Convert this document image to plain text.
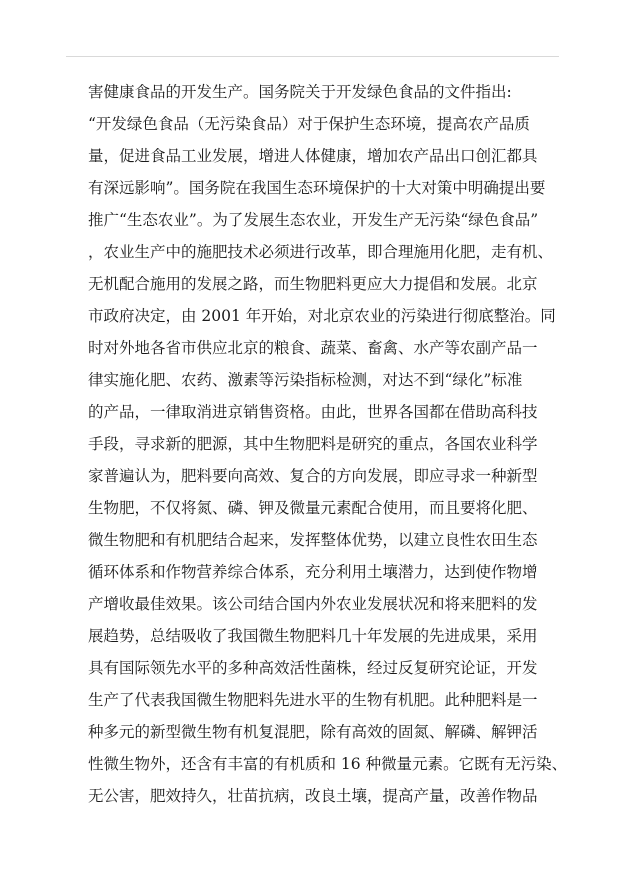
害健康食品的开发生产。国务院关于开发绿色食品的文件指出:
“开发绿色食品（无污染食品）对于保护生态环境，提高农产品质
量，促进食品工业发展，增进人体健康，增加农产品出口创汇都具
有深远影响”。国务院在我国生态环境保护的十大对策中明确提出要
推广“生态农业”。为了发展生态农业，开发生产无污染“绿色食品”
，农业生产中的施肥技术必须进行改革，即合理施用化肥，走有机、
无机配合施用的发展之路，而生物肥料更应大力提倡和发展。北京
市政府决定，由 2001 年开始，对北京农业的污染进行彻底整治。同
时对外地各省市供应北京的粮食、蔬菜、畜禽、水产等农副产品一
律实施化肥、农药、激素等污染指标检测，对达不到“绿化”标准
的产品，一律取消进京销售资格。由此，世界各国都在借助高科技
手段，寻求新的肥源，其中生物肥料是研究的重点，各国农业科学
家普遍认为，肥料要向高效、复合的方向发展，即应寻求一种新型
生物肥，不仅将氮、磷、钾及微量元素配合使用，而且要将化肥、
微生物肥和有机肥结合起来，发挥整体优势，以建立良性农田生态
循环体系和作物营养综合体系，充分利用土壤潜力，达到使作物增
产增收最佳效果。该公司结合国内外农业发展状况和将来肥料的发
展趋势，总结吸收了我国微生物肥料几十年发展的先进成果，采用
具有国际领先水平的多种高效活性菌株，经过反复研究论证，开发
生产了代表我国微生物肥料先进水平的生物有机肥。此种肥料是一
种多元的新型微生物有机复混肥，除有高效的固氮、解磷、解钾活
性微生物外，还含有丰富的有机质和 16 种微量元素。它既有无污染、
无公害，肥效持久，壮苗抗病，改良土壤，提高产量，改善作物品
